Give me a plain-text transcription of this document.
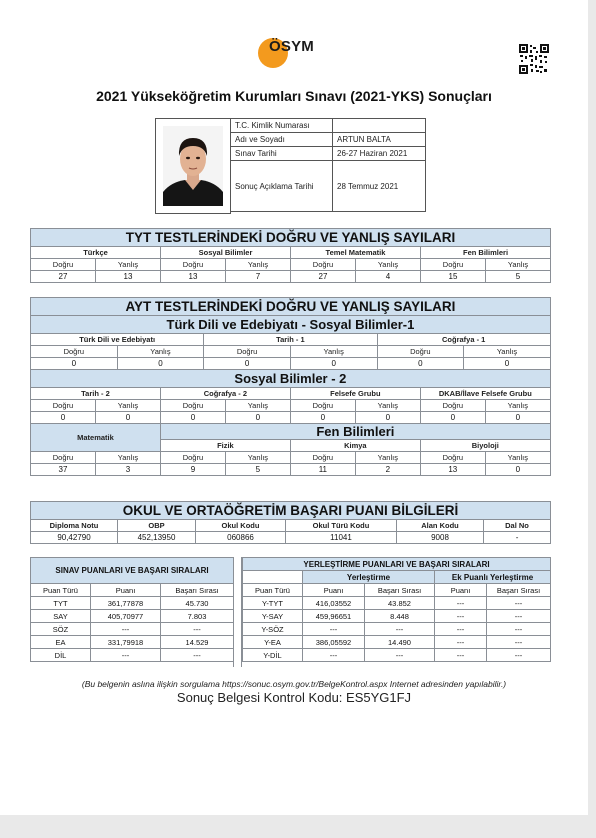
ÖSYM
2021 Yükseköğretim Kurumları Sınavı (2021-YKS) Sonuçları
T.C. Kimlik Numarası	
Adı ve Soyadı	ARTUN BALTA
Sınav Tarihi	26-27 Haziran 2021
Sonuç Açıklama Tarihi	28 Temmuz 2021
TYT TESTLERİNDEKİ DOĞRU VE YANLIŞ SAYILARI							
Türkçe		Sosyal Bilimler		Temel Matematik		Fen Bilimleri	
Doğru	Yanlış	Doğru	Yanlış	Doğru	Yanlış	Doğru	Yanlış
27	13	13	7	27	4	15	5
AYT TESTLERİNDEKİ DOĞRU VE YANLIŞ SAYILARI											
Türk Dili ve Edebiyatı - Sosyal Bilimler-1											
Türk Dili ve Edebiyatı				Tarih - 1				Coğrafya - 1			
Doğru		Yanlış		Doğru		Yanlış		Doğru		Yanlış	
0		0		0		0		0		0	
Sosyal Bilimler - 2											
Tarih - 2			Coğrafya - 2			Felsefe Grubu			DKAB/İlave Felsefe Grubu		
Doğru	Yanlış		Doğru		Yanlış	Doğru	Yanlış		Doğru		Yanlış
0	0		0		0	0	0		0		0
Matematik			Fen Bilimleri								
			Fizik			Kimya			Biyoloji		
Doğru	Yanlış		Doğru		Yanlış	Doğru	Yanlış		Doğru		Yanlış
37	3		9		5	11	2		13		0
OKUL VE ORTAÖĞRETİM BAŞARI PUANI BİLGİLERİ					
Diploma Notu	OBP	Okul Kodu	Okul Türü Kodu	Alan Kodu	Dal No
90,42790	452,13950	060866	11041	9008	-
SINAV PUANLARI VE BAŞARI SIRALARI		
Puan Türü	Puanı	Başarı Sırası
TYT	361,77878	45.730
SAY	405,70977	7.803
SÖZ	---	---
EA	331,79918	14.529
DİL	---	---
YERLEŞTİRME PUANLARI VE BAŞARI SIRALARI				
	Yerleştirme		Ek Puanlı Yerleştirme	
Puan Türü	Puanı	Başarı Sırası	Puanı	Başarı Sırası
Y-TYT	416,03552	43.852	---	---
Y-SAY	459,96651	8.448	---	---
Y-SÖZ	---	---	---	---
Y-EA	386,05592	14.490	---	---
Y-DİL	---	---	---	---
(Bu belgenin aslına ilişkin sorgulama https://sonuc.osym.gov.tr/BelgeKontrol.aspx Internet adresinden yapılabilir.)
Sonuç Belgesi Kontrol Kodu: ES5YG1FJ
